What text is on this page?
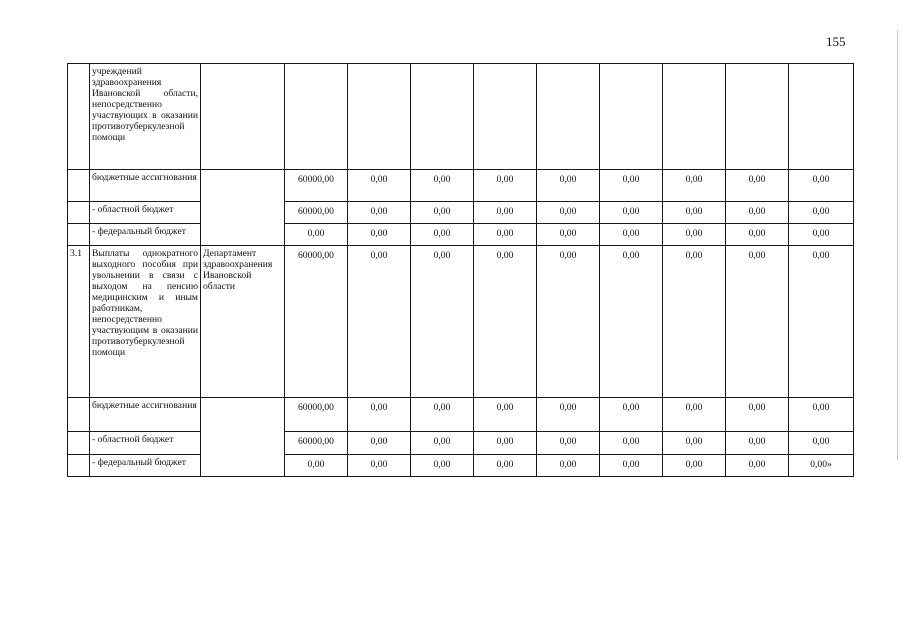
155
	учреждений здравоохранения Ивановской области, непосредственно участвующих в оказании противотуберкулезной помощи										
	бюджетные ассигнования		60000,00	0,00	0,00	0,00	0,00	0,00	0,00	0,00	0,00
	- областной бюджет		60000,00	0,00	0,00	0,00	0,00	0,00	0,00	0,00	0,00
	- федеральный бюджет		0,00	0,00	0,00	0,00	0,00	0,00	0,00	0,00	0,00
3.1	Выплаты однократного выходного пособия при увольнении в связи с выходом на пенсию медицинским и иным работникам, непосредственно участвующим в оказании противотуберкулезной помощи	Департамент здравоохранения Ивановской области	60000,00	0,00	0,00	0,00	0,00	0,00	0,00	0,00	0,00
	бюджетные ассигнования		60000,00	0,00	0,00	0,00	0,00	0,00	0,00	0,00	0,00
	- областной бюджет		60000,00	0,00	0,00	0,00	0,00	0,00	0,00	0,00	0,00
	- федеральный бюджет		0,00	0,00	0,00	0,00	0,00	0,00	0,00	0,00	0,00»
